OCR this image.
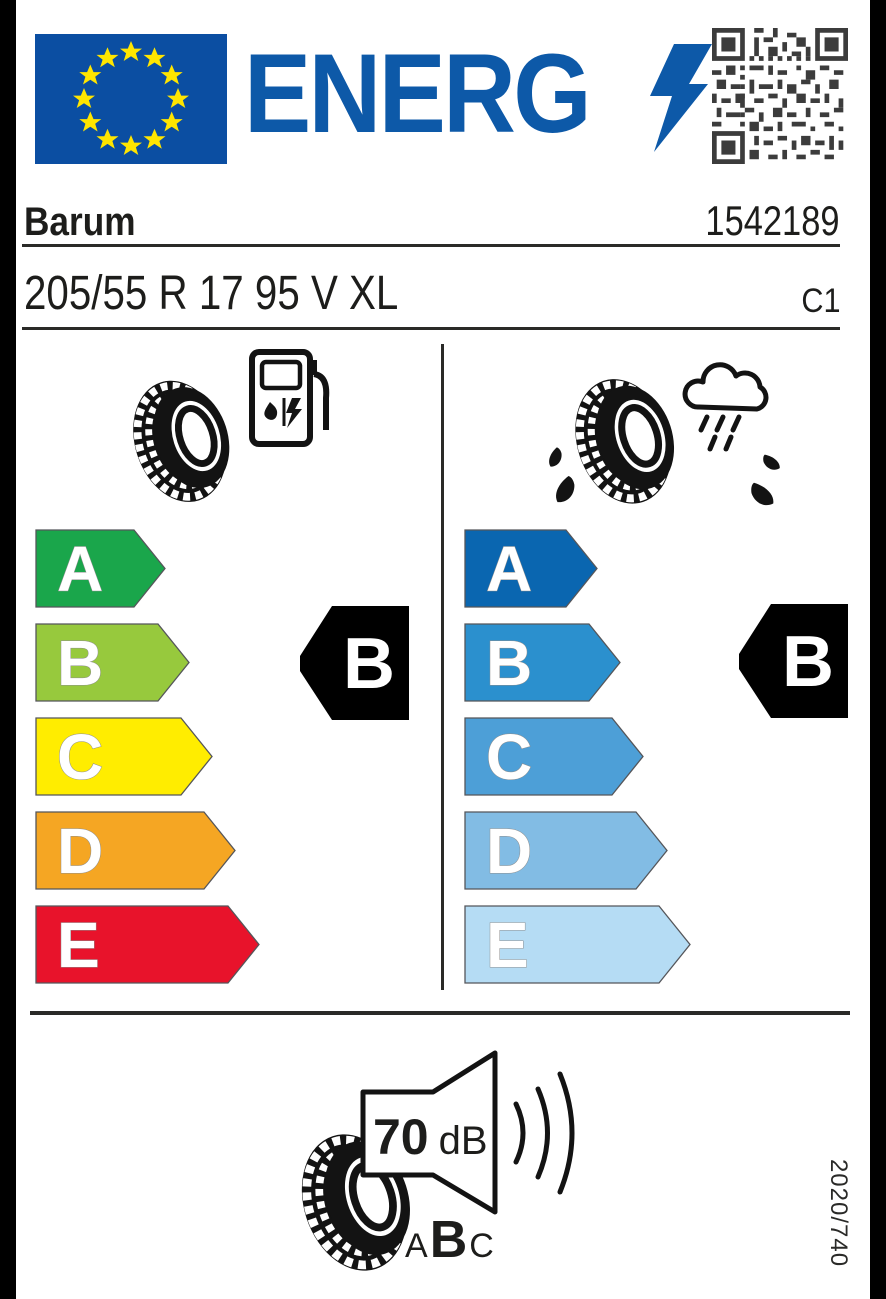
ENERG
Barum	1542189
205/55 R 17 95 V XL	C1
A
B
C
D
E
B
A
B
C
D
E
B
70 dB
A B C	2020/740
